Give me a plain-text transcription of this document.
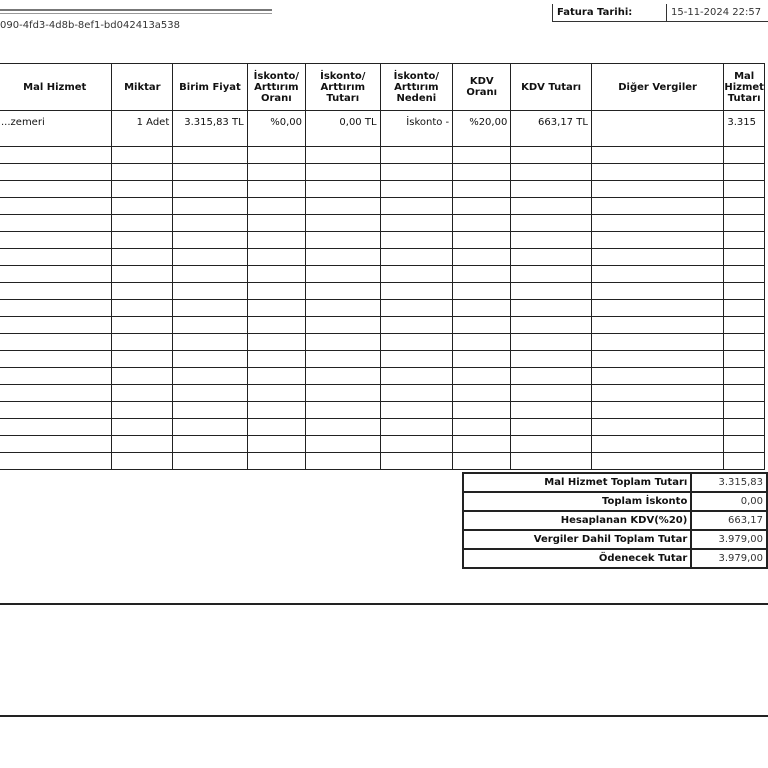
090-4fd3-4d8b-8ef1-bd042413a538
Fatura Tarihi:	15-11-2024 22:57
Mal Hizmet	Miktar	Birim Fiyat	İskonto/ Arttırım Oranı	İskonto/ Arttırım Tutarı	İskonto/ Arttırım Nedeni	KDV Oranı	KDV Tutarı	Diğer Vergiler	Mal Hizmet Tutarı
...zemeri	1 Adet	3.315,83 TL	%0,00	0,00 TL	İskonto -	%20,00	663,17 TL		3.315

Mal Hizmet Toplam Tutarı	3.315,83
Toplam İskonto	0,00
Hesaplanan KDV(%20)	663,17
Vergiler Dahil Toplam Tutar	3.979,00
Ödenecek Tutar	3.979,00
